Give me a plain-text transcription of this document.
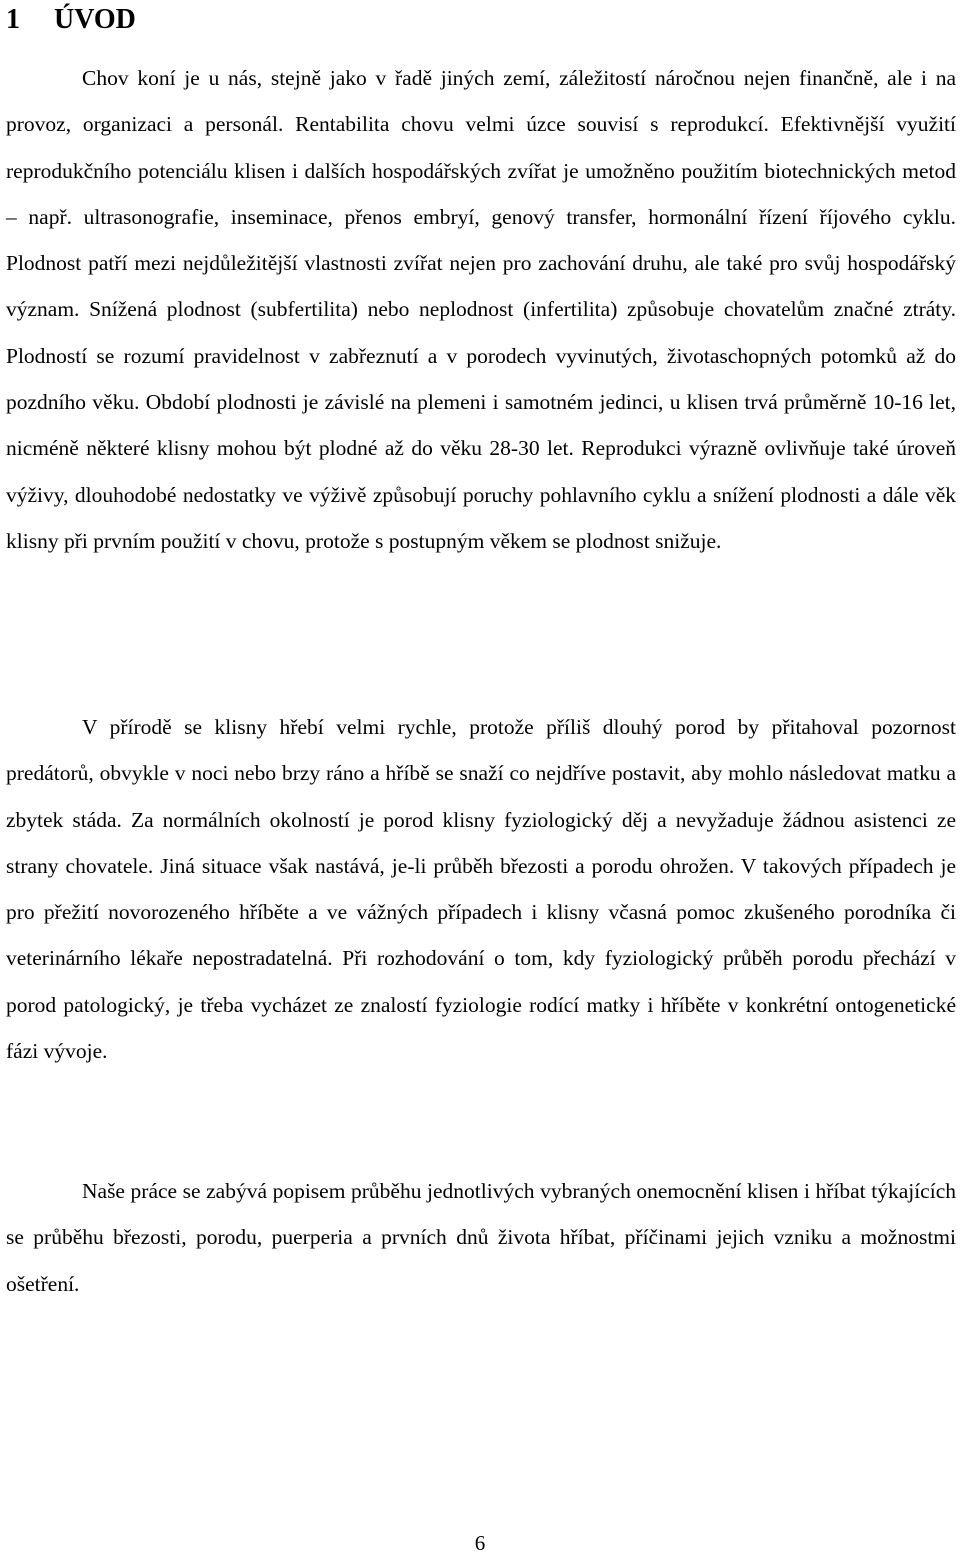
1 ÚVOD

Chov koní je u nás, stejně jako v řadě jiných zemí, záležitostí náročnou nejen finančně, ale i na provoz, organizaci a personál. Rentabilita chovu velmi úzce souvisí s reprodukcí. Efektivnější využití reprodukčního potenciálu klisen i dalších hospodářských zvířat je umožněno použitím biotechnických metod – např. ultrasonografie, inseminace, přenos embryí, genový transfer, hormonální řízení říjového cyklu. Plodnost patří mezi nejdůležitější vlastnosti zvířat nejen pro zachování druhu, ale také pro svůj hospodářský význam. Snížená plodnost (subfertilita) nebo neplodnost (infertilita) způsobuje chovatelům značné ztráty. Plodností se rozumí pravidelnost v zabřeznutí a v porodech vyvinutých, životaschopných potomků až do pozdního věku. Období plodnosti je závislé na plemeni i samotném jedinci, u klisen trvá průměrně 10-16 let, nicméně některé klisny mohou být plodné až do věku 28-30 let. Reprodukci výrazně ovlivňuje také úroveň výživy, dlouhodobé nedostatky ve výživě způsobují poruchy pohlavního cyklu a snížení plodnosti a dále věk klisny při prvním použití v chovu, protože s postupným věkem se plodnost snižuje.

V přírodě se klisny hřebí velmi rychle, protože příliš dlouhý porod by přitahoval pozornost predátorů, obvykle v noci nebo brzy ráno a hříbě se snaží co nejdříve postavit, aby mohlo následovat matku a zbytek stáda. Za normálních okolností je porod klisny fyziologický děj a nevyžaduje žádnou asistenci ze strany chovatele. Jiná situace však nastává, je-li průběh březosti a porodu ohrožen. V takových případech je pro přežití novorozeného hříběte a ve vážných případech i klisny včasná pomoc zkušeného porodníka či veterinárního lékaře nepostradatelná. Při rozhodování o tom, kdy fyziologický průběh porodu přechází v porod patologický, je třeba vycházet ze znalostí fyziologie rodící matky i hříběte v konkrétní ontogenetické fázi vývoje.

Naše práce se zabývá popisem průběhu jednotlivých vybraných onemocnění klisen i hříbat týkajících se průběhu březosti, porodu, puerperia a prvních dnů života hříbat, příčinami jejich vzniku a možnostmi ošetření.

6
